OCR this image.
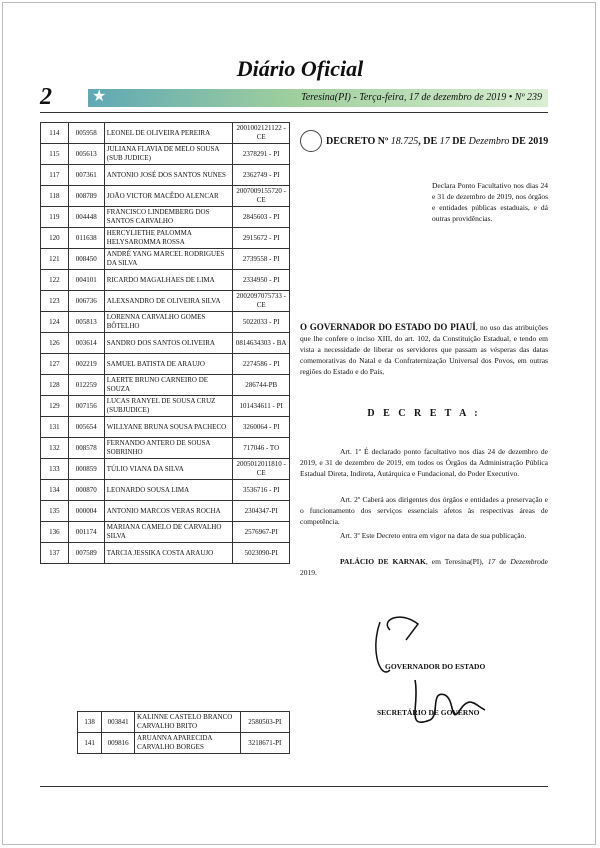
Diário Oficial
2	★	Teresina(PI) - Terça-feira, 17 de dezembro de 2019 • Nº 239
114	005958	LEONEL DE OLIVEIRA PEREIRA	2001002121122 - CE
115	005613	JULIANA FLAVIA DE MELO SOUSA (SUB JUDICE)	2378291 - PI
117	007361	ANTONIO JOSÉ DOS SANTOS NUNES	2362749 - PI
118	008789	JOÃO VICTOR MACÊDO ALENCAR	2007009155720 - CE
119	004448	FRANCISCO LINDEMBERG DOS SANTOS CARVALHO	2845603 - PI
120	011638	HERCYLIETHE PALOMMA HELYSAROMMA ROSSA	2915672 - PI
121	008450	ANDRÉ YANG MARCEL RODRIGUES DA SILVA	2739558 - PI
122	004101	RICARDO MAGALHAES DE LIMA	2334950 - PI
123	006736	ALEXSANDRO DE OLIVEIRA SILVA	2002097075733 - CE
124	005813	LORENNA CARVALHO GOMES BÔTELHO	5022033 - PI
126	003614	SANDRO DOS SANTOS OLIVEIRA	0814634303 - BA
127	002219	SAMUEL BATISTA DE ARAUJO	2274586 - PI
128	012259	LAERTE BRUNO CARNEIRO DE SOUZA	286744-PB
129	007156	LUCAS RANYEL DE SOUSA CRUZ (SUBJUDICE)	101434611 - PI
131	005654	WILLYANE BRUNA SOUSA PACHECO	3260064 - PI
132	008578	FERNANDO ANTERO DE SOUSA SOBRINHO	717046 - TO
133	000859	TÚLIO VIANA DA SILVA	2005012011810 - CE
134	000870	LEONARDO SOUSA LIMA	3536716 - PI
135	000004	ANTONIO MARCOS VERAS ROCHA	2304347-PI
136	001174	MARIANA CAMELO DE CARVALHO SILVA	2576967-PI
137	007589	TARCIA JESSIKA COSTA ARAUJO	5023090-PI
138	003841	KALINNE CASTELO BRANCO CARVALHO BRITO	2580503-PI
141	009816	ARUANNA APARECIDA CARVALHO BORGES	3218671-PI
DECRETO Nº
18.725 , DE
17
DE
Dezembro
DE 2019
Declara Ponto Facultativo nos dias 24 e 31 de dezembro de 2019, nos órgãos e entidades públicas estaduais, e dá outras providências.
O GOVERNADOR DO ESTADO DO PIAUÍ, no uso das atribuições que lhe confere o inciso XIII, do art. 102, da Constituição Estadual, e tendo em vista a necessidade de liberar os servidores que passam as vésperas das datas comemorativas do Natal e da Confraternização Universal dos Povos, em outras regiões do Estado e do País,
D E C R E T A :

Art. 1º É declarado ponto facultativo nos dias 24 de dezembro de 2019, e 31 de dezembro de 2019, em todos os Órgãos da Administração Pública Estadual Direta, Indireta, Autárquica e Fundacional, do Poder Executivo.

Art. 2º Caberá aos dirigentes dos órgãos e entidades a preservação e o funcionamento dos serviços essenciais afetos às respectivas áreas de competência.

Art. 3º Este Decreto entra em vigor na data de sua publicação.

PALÁCIO DE KARNAK, em Teresina(PI), 17 de Dezembrode 2019.

GOVERNADOR DO ESTADO
SECRETÁRIO DE GOVERNO
